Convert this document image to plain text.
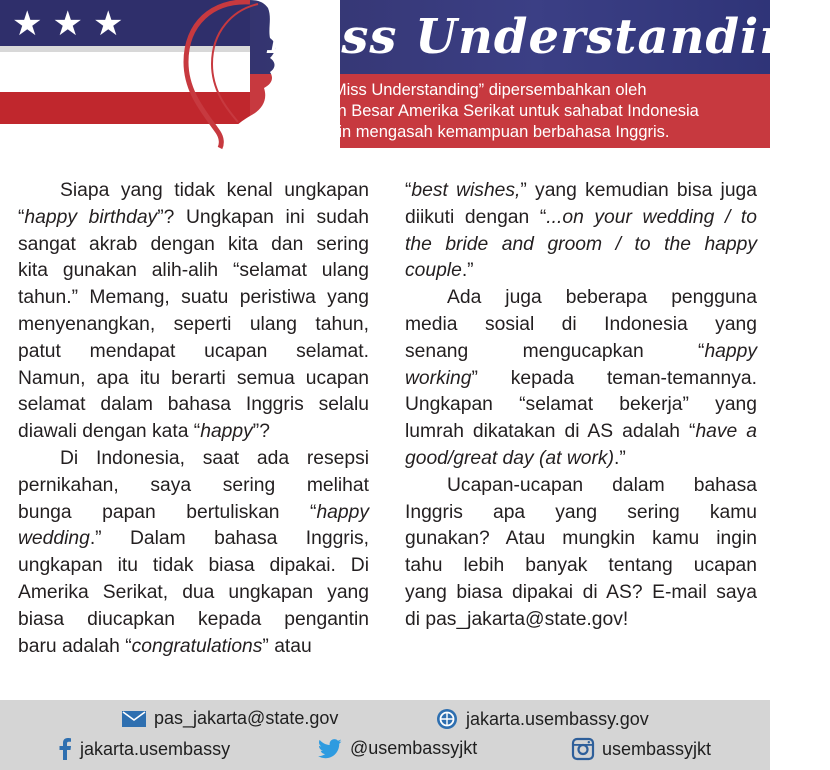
★ ★ ★	Miss Understanding
Kolom “Miss Understanding” dipersembahkan oleh
Kedutaan Besar Amerika Serikat untuk sahabat Indonesia
yang ingin mengasah kemampuan berbahasa Inggris.
Siapa yang tidak kenal ungkapan
“happy birthday”? Ungkapan ini sudah
sangat akrab dengan kita dan sering
kita gunakan alih-alih “selamat ulang
tahun.” Memang, suatu peristiwa yang
menyenangkan, seperti ulang tahun,
patut mendapat ucapan selamat.
Namun, apa itu berarti semua ucapan
selamat dalam bahasa Inggris selalu
diawali dengan kata “happy”?
Di Indonesia, saat ada resepsi
pernikahan, saya sering melihat
bunga papan bertuliskan “happy
wedding.” Dalam bahasa Inggris,
ungkapan itu tidak biasa dipakai. Di
Amerika Serikat, dua ungkapan yang
biasa diucapkan kepada pengantin
baru adalah “congratulations” atau
“best wishes,” yang kemudian bisa juga
diikuti dengan “...on your wedding / to
the bride and groom / to the happy
couple.”
Ada juga beberapa pengguna
media sosial di Indonesia yang
senang mengucapkan “happy
working” kepada teman-temannya.
Ungkapan “selamat bekerja” yang
lumrah dikatakan di AS adalah “have a
good/great day (at work).”
Ucapan-ucapan dalam bahasa
Inggris apa yang sering kamu
gunakan? Atau mungkin kamu ingin
tahu lebih banyak tentang ucapan
yang biasa dipakai di AS? E-mail saya
di pas_jakarta@state.gov!
pas_jakarta@state.gov	jakarta.usembassy.gov
jakarta.usembassy	@usembassyjkt	usembassyjkt
